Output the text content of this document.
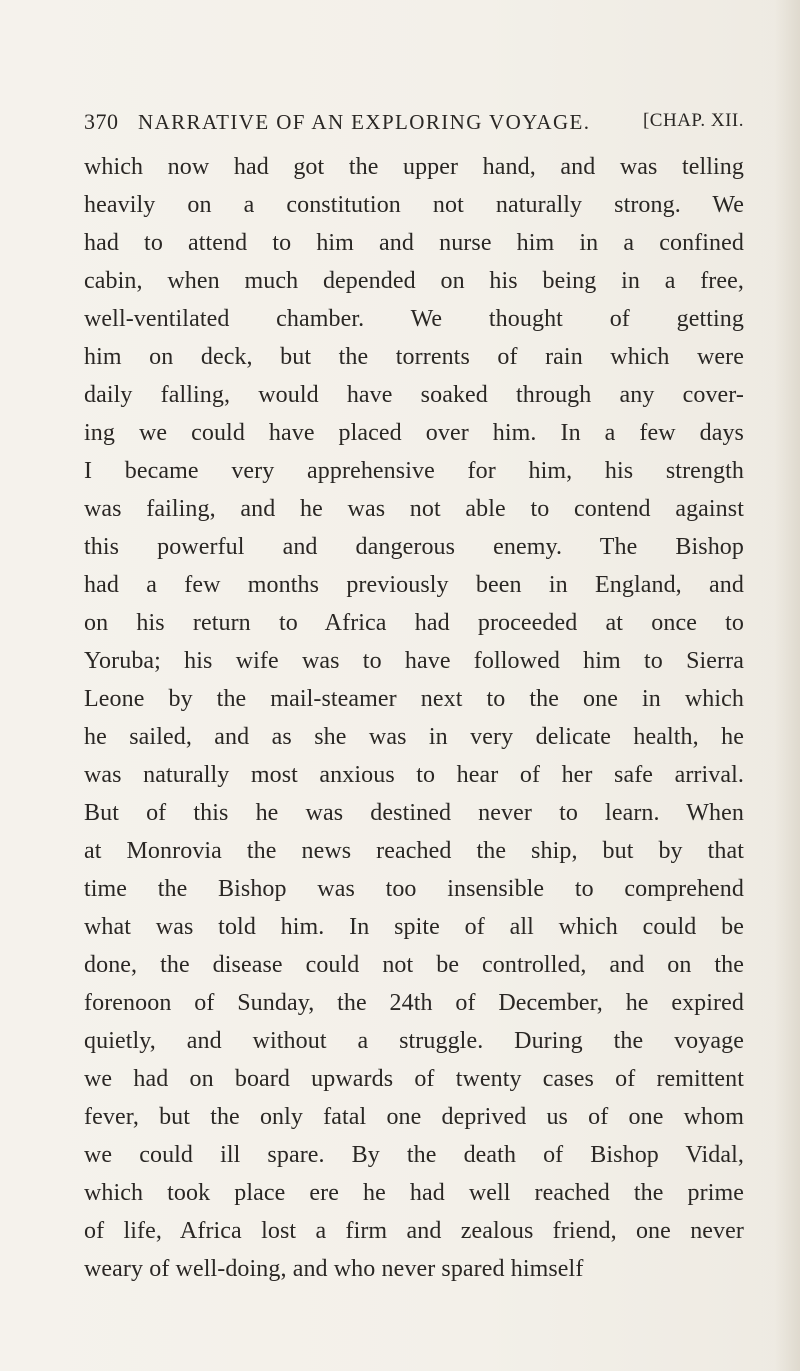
370 NARRATIVE OF AN EXPLORING VOYAGE.	[CHAP. XII.
which now had got the upper hand, and was telling
heavily on a constitution not naturally strong. We
had to attend to him and nurse him in a confined
cabin, when much depended on his being in a free,
well-ventilated chamber. We thought of getting
him on deck, but the torrents of rain which were
daily falling, would have soaked through any cover-
ing we could have placed over him. In a few days
I became very apprehensive for him, his strength
was failing, and he was not able to contend against
this powerful and dangerous enemy. The Bishop
had a few months previously been in England, and
on his return to Africa had proceeded at once to
Yoruba; his wife was to have followed him to Sierra
Leone by the mail-steamer next to the one in which
he sailed, and as she was in very delicate health, he
was naturally most anxious to hear of her safe arrival.
But of this he was destined never to learn. When
at Monrovia the news reached the ship, but by that
time the Bishop was too insensible to comprehend
what was told him. In spite of all which could be
done, the disease could not be controlled, and on the
forenoon of Sunday, the 24th of December, he expired
quietly, and without a struggle. During the voyage
we had on board upwards of twenty cases of remittent
fever, but the only fatal one deprived us of one whom
we could ill spare. By the death of Bishop Vidal,
which took place ere he had well reached the prime
of life, Africa lost a firm and zealous friend, one never
weary of well-doing, and who never spared himself
